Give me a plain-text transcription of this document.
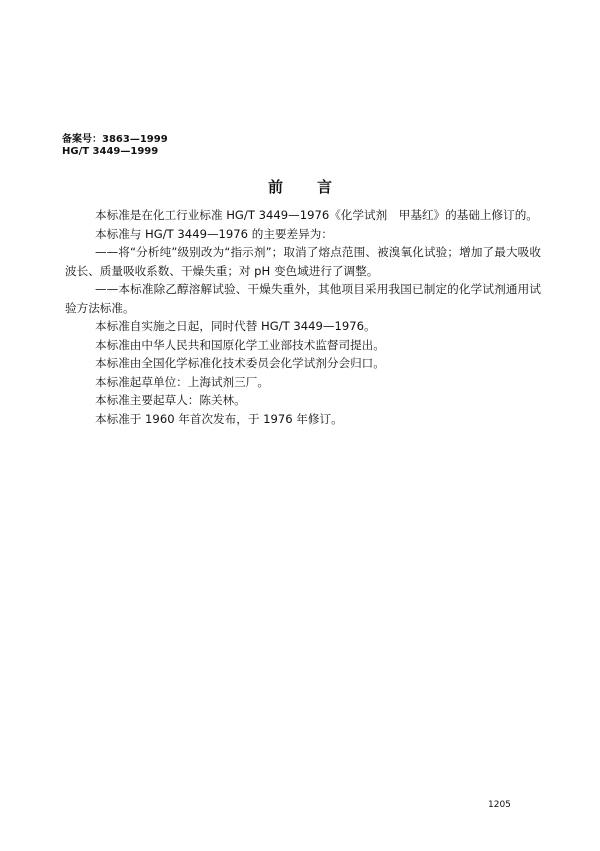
备案号：3863—1999
HG/T 3449—1999
前言

本标准是在化工行业标准 HG/T 3449—1976《化学试剂　甲基红》的基础上修订的。

本标准与 HG/T 3449—1976 的主要差异为：

——将“分析纯”级别改为“指示剂”；取消了熔点范围、被溴氧化试验；增加了最大吸收波长、质量吸收系数、干燥失重；对 pH 变色域进行了调整。

——本标准除乙醇溶解试验、干燥失重外，其他项目采用我国已制定的化学试剂通用试验方法标准。

本标准自实施之日起，同时代替 HG/T 3449—1976。

本标准由中华人民共和国原化学工业部技术监督司提出。

本标准由全国化学标准化技术委员会化学试剂分会归口。

本标准起草单位：上海试剂三厂。

本标准主要起草人：陈关林。

本标准于 1960 年首次发布，于 1976 年修订。

1205
